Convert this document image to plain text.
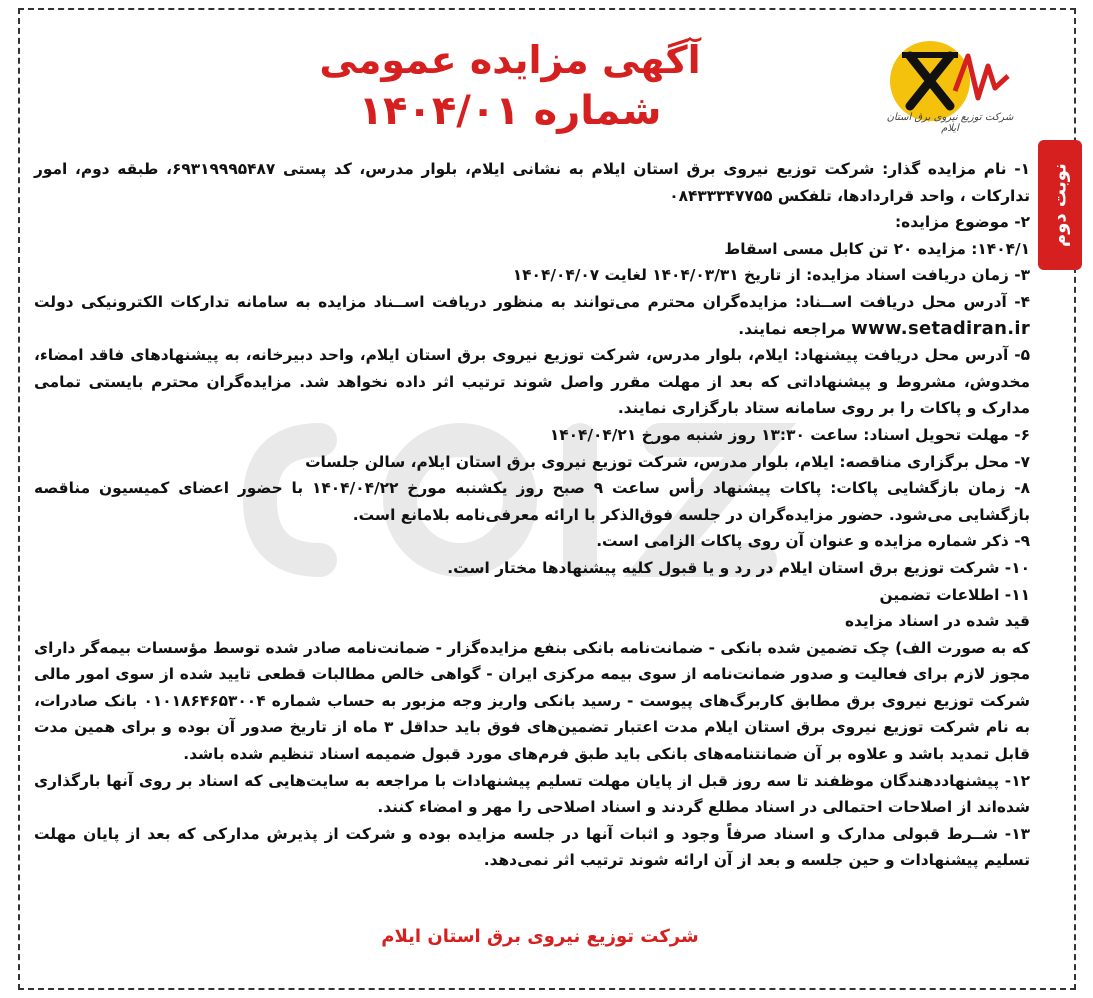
شرکت توزیع نیروی برق استان ایلام
آگهی مزایده عمومی
شماره ۱۴۰۴/۰۱
نوبت دوم

۱- نام مزایده گذار: شرکت توزیع نیروی برق استان ایلام به نشانی ایلام، بلوار مدرس، کد پستی ۶۹۳۱۹۹۹۵۴۸۷، طبقه دوم، امور تدارکات ، واحد قراردادها، تلفکس ۰۸۴۳۳۳۴۷۷۵۵

۲- موضوع مزایده:

۱۴۰۴/۱: مزایده ۲۰ تن کابل مسی اسقاط

۳- زمان دریافت اسناد مزایده: از تاریخ ۱۴۰۴/۰۳/۳۱ لغایت ۱۴۰۴/۰۴/۰۷

۴- آدرس محل دریافت اســناد: مزایده‌گران محترم می‌توانند به منظور دریافت اســناد مزایده به سامانه تدارکات الکترونیکی دولت www.setadiran.ir مراجعه نمایند.

۵- آدرس محل دریافت پیشنهاد: ایلام، بلوار مدرس، شرکت توزیع نیروی برق استان ایلام، واحد دبیرخانه، به پیشنهادهای فاقد امضاء، مخدوش، مشروط و پیشنهاداتی که بعد از مهلت مقرر واصل شوند ترتیب اثر داده نخواهد شد. مزایده‌گران محترم بایستی تمامی مدارک و پاکات را بر روی سامانه ستاد بارگزاری نمایند.

۶- مهلت تحویل اسناد: ساعت ۱۳:۳۰ روز شنبه مورخ ۱۴۰۴/۰۴/۲۱

۷- محل برگزاری مناقصه: ایلام، بلوار مدرس، شرکت توزیع نیروی برق استان ایلام، سالن جلسات

۸- زمان بازگشایی پاکات: پاکات پیشنهاد رأس ساعت ۹ صبح روز یکشنبه مورخ ۱۴۰۴/۰۴/۲۲ با حضور اعضای کمیسیون مناقصه بازگشایی می‌شود. حضور مزایده‌گران در جلسه فوق‌الذکر با ارائه معرفی‌نامه بلامانع است.

۹- ذکر شماره مزایده و عنوان آن روی پاکات الزامی است.

۱۰- شرکت توزیع برق استان ایلام در رد و یا قبول کلیه پیشنهادها مختار است.

۱۱- اطلاعات تضمین

قید شده در اسناد مزایده

که به صورت الف) چک تضمین شده بانکی - ضمانت‌نامه بانکی بنفع مزایده‌گزار - ضمانت‌نامه صادر شده توسط مؤسسات بیمه‌گر دارای مجوز لازم برای فعالیت و صدور ضمانت‌نامه از سوی بیمه مرکزی ایران - گواهی خالص مطالبات قطعی تایید شده از سوی امور مالی شرکت توزیع نیروی برق مطابق کاربرگ‌های پیوست - رسید بانکی واریز وجه مزبور به حساب شماره ۰۱۰۱۸۶۴۶۵۳۰۰۴ بانک صادرات، به نام شرکت توزیع نیروی برق استان ایلام مدت اعتبار تضمین‌های فوق باید حداقل ۳ ماه از تاریخ صدور آن بوده و برای همین مدت قابل تمدید باشد و علاوه بر آن ضمانتنامه‌های بانکی باید طبق فرم‌های مورد قبول ضمیمه اسناد تنظیم شده باشد.

۱۲- پیشنهاددهندگان موظفند تا سه روز قبل از پایان مهلت تسلیم پیشنهادات با مراجعه به سایت‌هایی که اسناد بر روی آنها بارگذاری شده‌اند از اصلاحات احتمالی در اسناد مطلع گردند و اسناد اصلاحی را مهر و امضاء کنند.

۱۳- شــرط قبولی مدارک و اسناد صرفاً وجود و اثبات آنها در جلسه مزایده بوده و شرکت از پذیرش مدارکی که بعد از پایان مهلت تسلیم پیشنهادات و حین جلسه و بعد از آن ارائه شوند ترتیب اثر نمی‌دهد.

شرکت توزیع نیروی برق استان ایلام
